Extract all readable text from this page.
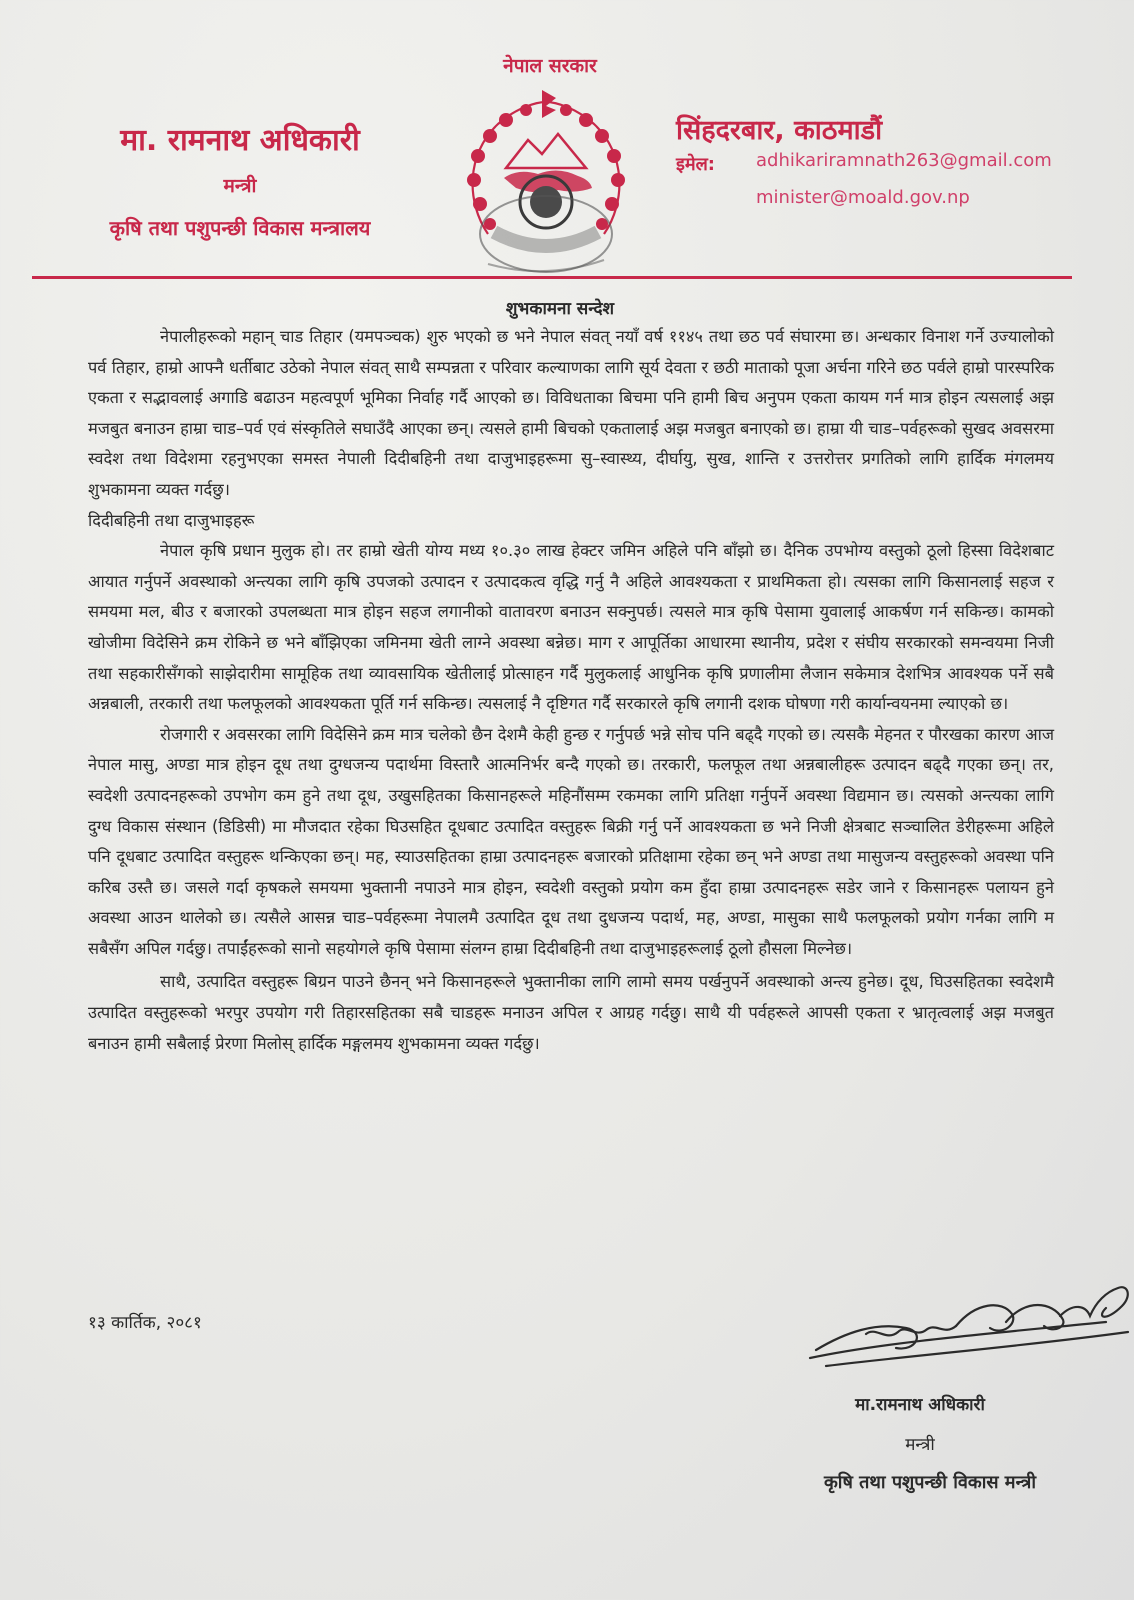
नेपाल सरकार
मा. रामनाथ अधिकारी
मन्त्री
कृषि तथा पशुपन्छी विकास मन्त्रालय
सिंहदरबार, काठमाडौं
इमेल: adhikariramnath263@gmail.com
minister@moald.gov.np
शुभकामना सन्देश

नेपालीहरूको महान् चाड तिहार (यमपञ्चक) शुरु भएको छ भने नेपाल संवत् नयाँ वर्ष ११४५ तथा छठ पर्व संघारमा छ। अन्धकार विनाश गर्ने उज्यालोको पर्व तिहार, हाम्रो आफ्नै धर्तीबाट उठेको नेपाल संवत् साथै सम्पन्नता र परिवार कल्याणका लागि सूर्य देवता र छठी माताको पूजा अर्चना गरिने छठ पर्वले हाम्रो पारस्परिक एकता र सद्भावलाई अगाडि बढाउन महत्वपूर्ण भूमिका निर्वाह गर्दै आएको छ। विविधताका बिचमा पनि हामी बिच अनुपम एकता कायम गर्न मात्र होइन त्यसलाई अझ मजबुत बनाउन हाम्रा चाड–पर्व एवं संस्कृतिले सघाउँदै आएका छन्। त्यसले हामी बिचको एकतालाई अझ मजबुत बनाएको छ। हाम्रा यी चाड–पर्वहरूको सुखद अवसरमा स्वदेश तथा विदेशमा रहनुभएका समस्त नेपाली दिदीबहिनी तथा दाजुभाइहरूमा सु–स्वास्थ्य, दीर्घायु, सुख, शान्ति र उत्तरोत्तर प्रगतिको लागि हार्दिक मंगलमय शुभकामना व्यक्त गर्दछु।

दिदीबहिनी तथा दाजुभाइहरू

नेपाल कृषि प्रधान मुलुक हो। तर हाम्रो खेती योग्य मध्य १०.३० लाख हेक्टर जमिन अहिले पनि बाँझो छ। दैनिक उपभोग्य वस्तुको ठूलो हिस्सा विदेशबाट आयात गर्नुपर्ने अवस्थाको अन्त्यका लागि कृषि उपजको उत्पादन र उत्पादकत्व वृद्धि गर्नु नै अहिले आवश्यकता र प्राथमिकता हो। त्यसका लागि किसानलाई सहज र समयमा मल, बीउ र बजारको उपलब्धता मात्र होइन सहज लगानीको वातावरण बनाउन सक्नुपर्छ। त्यसले मात्र कृषि पेसामा युवालाई आकर्षण गर्न सकिन्छ। कामको खोजीमा विदेसिने क्रम रोकिने छ भने बाँझिएका जमिनमा खेती लाग्ने अवस्था बन्नेछ। माग र आपूर्तिका आधारमा स्थानीय, प्रदेश र संघीय सरकारको समन्वयमा निजी तथा सहकारीसँगको साझेदारीमा सामूहिक तथा व्यावसायिक खेतीलाई प्रोत्साहन गर्दै मुलुकलाई आधुनिक कृषि प्रणालीमा लैजान सकेमात्र देशभित्र आवश्यक पर्ने सबै अन्नबाली, तरकारी तथा फलफूलको आवश्यकता पूर्ति गर्न सकिन्छ। त्यसलाई नै दृष्टिगत गर्दै सरकारले कृषि लगानी दशक घोषणा गरी कार्यान्वयनमा ल्याएको छ।

रोजगारी र अवसरका लागि विदेसिने क्रम मात्र चलेको छैन देशमै केही हुन्छ र गर्नुपर्छ भन्ने सोच पनि बढ्दै गएको छ। त्यसकै मेहनत र पौरखका कारण आज नेपाल मासु, अण्डा मात्र होइन दूध तथा दुग्धजन्य पदार्थमा विस्तारै आत्मनिर्भर बन्दै गएको छ। तरकारी, फलफूल तथा अन्नबालीहरू उत्पादन बढ्दै गएका छन्। तर, स्वदेशी उत्पादनहरूको उपभोग कम हुने तथा दूध, उखुसहितका किसानहरूले महिनौंसम्म रकमका लागि प्रतिक्षा गर्नुपर्ने अवस्था विद्यमान छ। त्यसको अन्त्यका लागि दुग्ध विकास संस्थान (डिडिसी) मा मौजदात रहेका घिउसहित दूधबाट उत्पादित वस्तुहरू बिक्री गर्नु पर्ने आवश्यकता छ भने निजी क्षेत्रबाट सञ्चालित डेरीहरूमा अहिले पनि दूधबाट उत्पादित वस्तुहरू थन्किएका छन्। मह, स्याउसहितका हाम्रा उत्पादनहरू बजारको प्रतिक्षामा रहेका छन् भने अण्डा तथा मासुजन्य वस्तुहरूको अवस्था पनि करिब उस्तै छ। जसले गर्दा कृषकले समयमा भुक्तानी नपाउने मात्र होइन, स्वदेशी वस्तुको प्रयोग कम हुँदा हाम्रा उत्पादनहरू सडेर जाने र किसानहरू पलायन हुने अवस्था आउन थालेको छ। त्यसैले आसन्न चाड–पर्वहरूमा नेपालमै उत्पादित दूध तथा दुधजन्य पदार्थ, मह, अण्डा, मासुका साथै फलफूलको प्रयोग गर्नका लागि म सबैसँग अपिल गर्दछु। तपाईंहरूको सानो सहयोगले कृषि पेसामा संलग्न हाम्रा दिदीबहिनी तथा दाजुभाइहरूलाई ठूलो हौसला मिल्नेछ।

साथै, उत्पादित वस्तुहरू बिग्रन पाउने छैनन् भने किसानहरूले भुक्तानीका लागि लामो समय पर्खनुपर्ने अवस्थाको अन्त्य हुनेछ। दूध, घिउसहितका स्वदेशमै उत्पादित वस्तुहरूको भरपुर उपयोग गरी तिहारसहितका सबै चाडहरू मनाउन अपिल र आग्रह गर्दछु। साथै यी पर्वहरूले आपसी एकता र भ्रातृत्वलाई अझ मजबुत बनाउन हामी सबैलाई प्रेरणा मिलोस् हार्दिक मङ्गलमय शुभकामना व्यक्त गर्दछु।

१३ कार्तिक, २०८१
मा.रामनाथ अधिकारी
मन्त्री
कृषि तथा पशुपन्छी विकास मन्त्री
